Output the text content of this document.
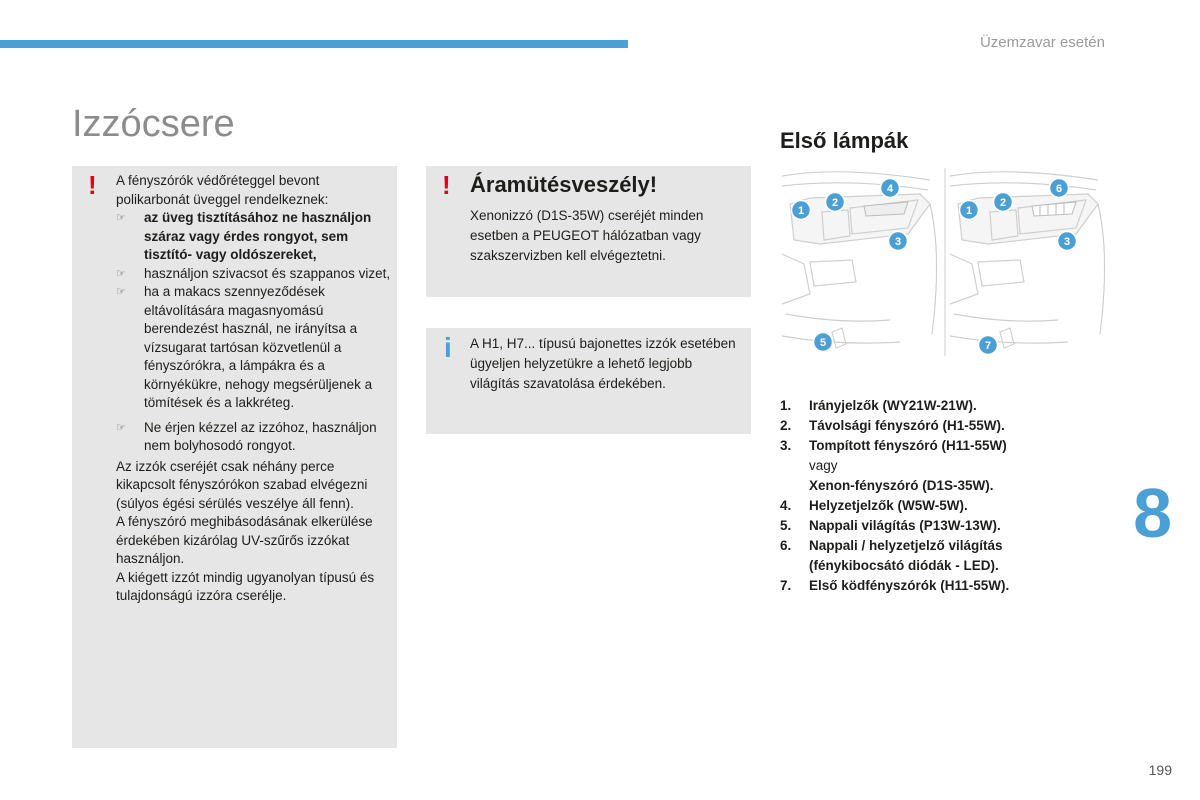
Üzemzavar esetén
Izzócsere
8
199
! A fényszórók védőréteggel bevont polikarbonát üveggel rendelkeznek:

☞ az üveg tisztításához ne használjon száraz vagy érdes rongyot, sem tisztító- vagy oldószereket,
☞ használjon szivacsot és szappanos vizet,
☞ ha a makacs szennyeződések eltávolítására magasnyomású berendezést használ, ne irányítsa a vízsugarat tartósan közvetlenül a fényszórókra, a lámpákra és a környékükre, nehogy megsérüljenek a tömítések és a lakkréteg.
☞ Ne érjen kézzel az izzóhoz, használjon nem bolyhosodó rongyot.

Az izzók cseréjét csak néhány perce kikapcsolt fényszórókon szabad elvégezni (súlyos égési sérülés veszélye áll fenn).

A fényszóró meghibásodásának elkerülése érdekében kizárólag UV-szűrős izzókat használjon.

A kiégett izzót mindig ugyanolyan típusú és tulajdonságú izzóra cserélje.

! Áramütésveszély!
Xenonizzó (D1S-35W) cseréjét minden esetben a PEUGEOT hálózatban vagy szakszervizben kell elvégeztetni.
i A H1, H7... típusú bajonettes izzók esetében ügyeljen helyzetükre a lehető legjobb világítás szavatolása érdekében.
Első lámpák
1
2
3
4
5
1
2
3
6
7
1. Irányjelzők (WY21W-21W).
2. Távolsági fényszóró (H1-55W).
3. Tompított fényszóró (H11-55W)
vagy
Xenon-fényszóró (D1S-35W).
4. Helyzetjelzők (W5W-5W).
5. Nappali világítás (P13W-13W).
6. Nappali / helyzetjelző világítás (fénykibocsátó diódák - LED).
7. Első ködfényszórók (H11-55W).
